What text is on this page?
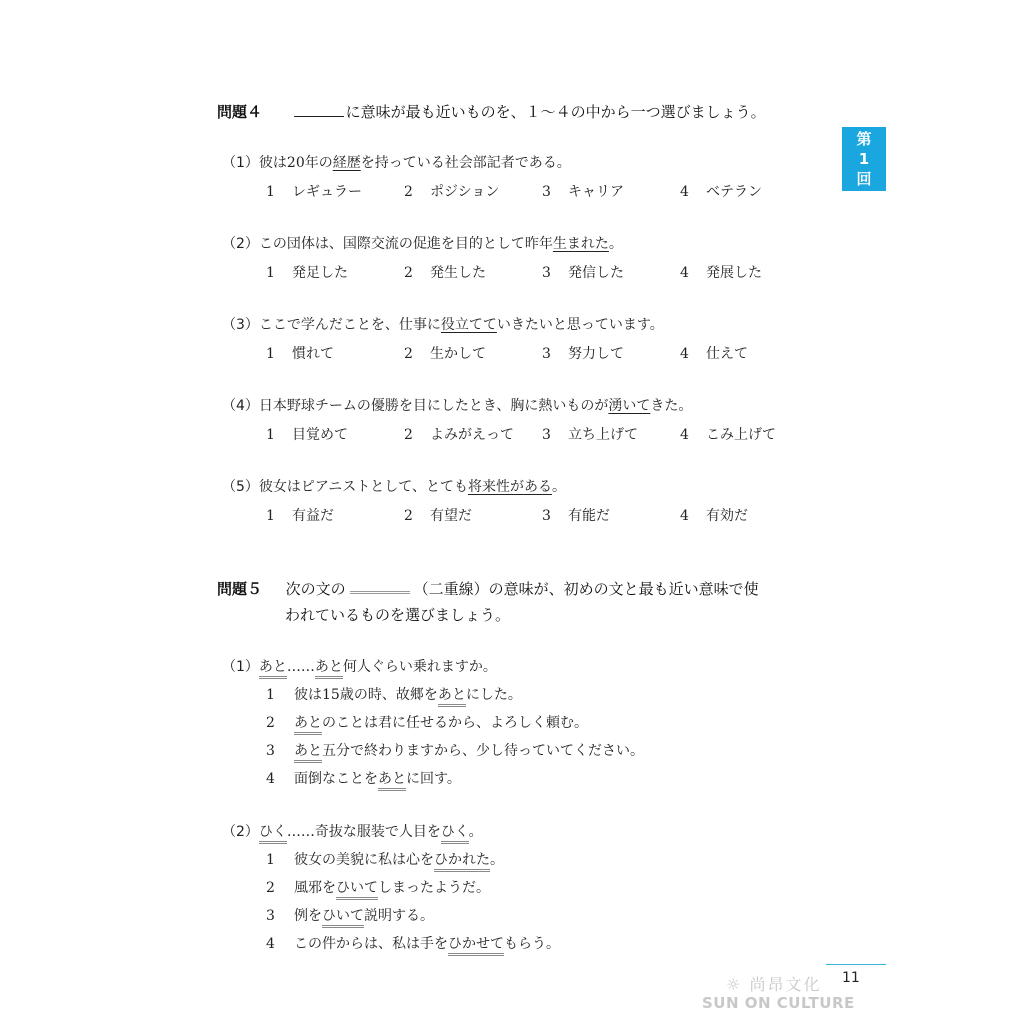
第
1
回
問題４	に意味が最も近いものを、１～４の中から一つ選びましょう。
（1）彼は20年の経歴を持っている社会部記者である。
1 レギュラー	2 ポジション	3 キャリア	4 ベテラン
（2）この団体は、国際交流の促進を目的として昨年生まれた。
1 発足した	2 発生した	3 発信した	4 発展した
（3）ここで学んだことを、仕事に役立てていきたいと思っています。
1 慣れて	2 生かして	3 努力して	4 仕えて
（4）日本野球チームの優勝を目にしたとき、胸に熱いものが湧いてきた。
1 目覚めて	2 よみがえって 3 立ち上げて	4 こみ上げて
（5）彼女はピアニストとして、とても将来性がある。
1 有益だ	2 有望だ	3 有能だ	4 有効だ
問題５ 次の文の	（二重線）の意味が、初めの文と最も近い意味で使
われているものを選びましょう。
（1）あと……あと何人ぐらい乗れますか。
1 彼は15歳の時、故郷をあとにした。
2 あとのことは君に任せるから、よろしく頼む。
3 あと五分で終わりますから、少し待っていてください。
4 面倒なことをあとに回す。
（2）ひく……奇抜な服装で人目をひく。
1 彼女の美貌に私は心をひかれた。
2 風邪をひいてしまったようだ。
3 例をひいて説明する。
4 この件からは、私は手をひかせてもらう。
☼ 尚昂文化 11
SUN ON CULTURE
